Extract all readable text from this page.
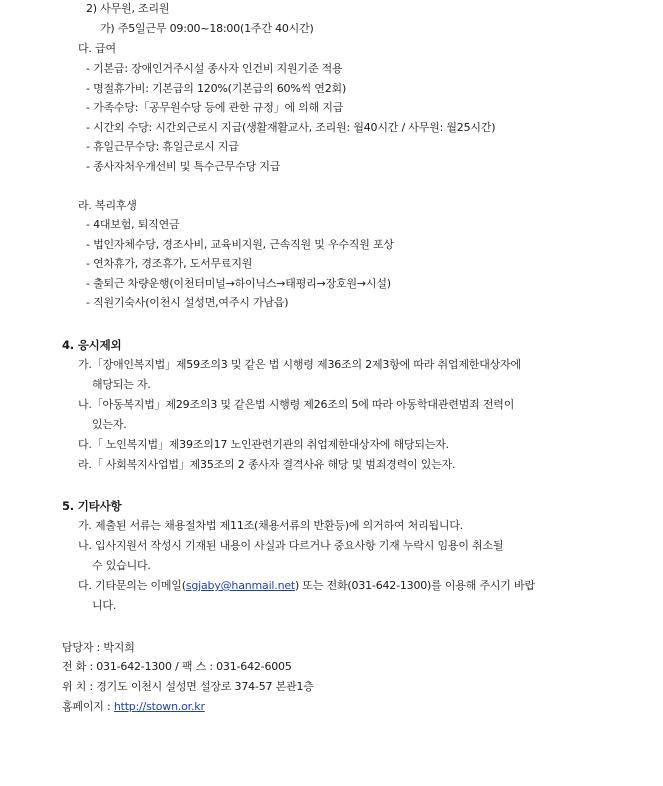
2) 사무원, 조리원
가) 주5일근무 09:00~18:00(1주간 40시간)
다. 급여
- 기본급: 장애인거주시설 종사자 인건비 지원기준 적용
- 명절휴가비: 기본급의 120%(기본급의 60%씩 연2회)
- 가족수당:「공무원수당 등에 관한 규정」에 의해 지급
- 시간외 수당: 시간외근로시 지급(생활재활교사, 조리원: 월40시간 / 사무원: 월25시간)
- 휴일근무수당: 휴일근로시 지급
- 종사자처우개선비 및 특수근무수당 지급
라. 복리후생
- 4대보험, 퇴직연금
- 법인자체수당, 경조사비, 교육비지원, 근속직원 및 우수직원 포상
- 연차휴가, 경조휴가, 도서무료지원
- 출퇴근 차량운행(이천터미널→하이닉스→태평리→장호원→시설)
- 직원기숙사(이천시 설성면,여주시 가남읍)
4. 응시제외
가.「장애인복지법」제59조의3 및 같은 법 시행령 제36조의 2제3항에 따라 취업제한대상자에
해당되는 자.
나.「아동복지법」제29조의3 및 같은법 시행령 제26조의 5에 따라 아동학대관련범죄 전력이
있는자.
다.「 노인복지법」제39조의17 노인관련기관의 취업제한대상자에 해당되는자.
라.「 사회복지사업법」제35조의 2 종사자 결격사유 해당 및 범죄경력이 있는자.
5. 기타사항
가. 제출된 서류는 채용절차법 제11조(채용서류의 반환등)에 의거하여 처리됩니다.
나. 입사지원서 작성시 기재된 내용이 사실과 다르거나 중요사항 기재 누락시 임용이 취소될
수 있습니다.
다. 기타문의는 이메일(sgjaby@hanmail.net) 또는 전화(031-642-1300)를 이용해 주시기 바랍
니다.
담당자 : 박지희
전 화 : 031-642-1300 / 팩 스 : 031-642-6005
위 치 : 경기도 이천시 설성면 설장로 374-57 본관1층
홈페이지 : http://stown.or.kr
